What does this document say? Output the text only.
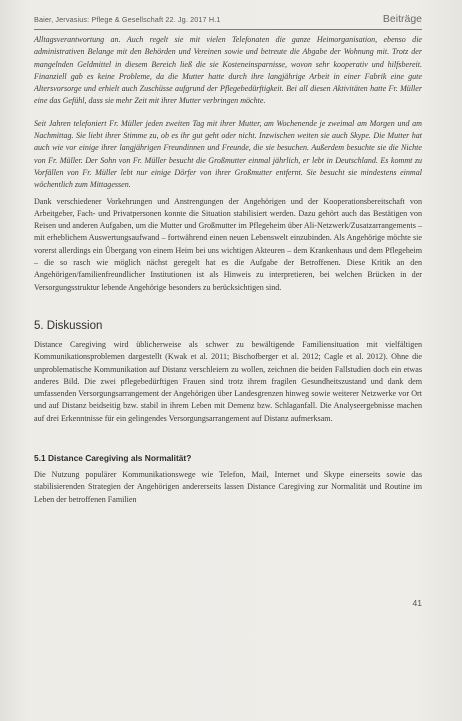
Baier, Jervasius: Pflege & Gesellschaft 22. Jg. 2017 H.1	Beiträge

Alltagsverantwortung an. Auch regelt sie mit vielen Telefonaten die ganze Heimorganisation, ebenso die administrativen Belange mit den Behörden und Vereinen sowie und betreute die Abgabe der Wohnung mit. Trotz der mangelnden Geldmittel in diesem Bereich ließ die sie Kosteneinsparnisse, wovon sehr kooperativ und hilfsbereit. Finanziell gab es keine Probleme, da die Mutter hatte durch ihre langjährige Arbeit in einer Fabrik eine gute Altersvorsorge und erhielt auch Zuschüsse aufgrund der Pflegebedürftigkeit. Bei all diesen Aktivitäten hatte Fr. Müller eine das Gefühl, dass sie mehr Zeit mit ihrer Mutter verbringen möchte.

Seit Jahren telefoniert Fr. Müller jeden zweiten Tag mit ihrer Mutter, am Wochenende je zweimal am Morgen und am Nachmittag. Sie liebt ihrer Stimme zu, ob es ihr gut geht oder nicht. Inzwischen weiten sie auch Skype. Die Mutter hat auch wie vor einige ihrer langjährigen Freundinnen und Freunde, die sie besuchen. Außerdem besuchte sie die Nichte von Fr. Müller. Der Sohn von Fr. Müller besucht die Großmutter einmal jährlich, er lebt in Deutschland. Es kommt zu Vorfällen von Fr. Müller lebt nur einige Dörfer von ihrer Großmutter entfernt. Sie besucht sie mindestens einmal wöchentlich zum Mittagessen.

Dank verschiedener Vorkehrungen und Anstrengungen der Angehörigen und der Kooperationsbereitschaft von Arbeitgeber, Fach- und Privatpersonen konnte die Situation stabilisiert werden. Dazu gehört auch das Bestätigen von Reisen und anderen Aufgaben, um die Mutter und Großmutter im Pflegeheim über Ali-Netzwerk/Zusatzarrangements – mit erheblichem Auswertungsaufwand – fortwährend einen neuen Lebenswelt einzubinden. Als Angehörige möchte sie vorerst allerdings ein Übergang von einem Heim bei uns wichtigen Akteuren – dem Krankenhaus und dem Pflegeheim – die so rasch wie möglich nächst geregelt hat es die Aufgabe der Betroffenen. Diese Kritik an den Angehörigen/familienfreundlicher Institutionen ist als Hinweis zu interpretieren, bei welchen Brücken in der Versorgungsstruktur lebende Angehörige besonders zu berücksichtigen sind.

5. Diskussion

Distance Caregiving wird üblicherweise als schwer zu bewältigende Familiensituation mit vielfältigen Kommunikationsproblemen dargestellt (Kwak et al. 2011; Bischofberger et al. 2012; Cagle et al. 2012). Ohne die unproblematische Kommunikation auf Distanz verschleiern zu wollen, zeichnen die beiden Fallstudien doch ein etwas anderes Bild. Die zwei pflegebedürftigen Frauen sind trotz ihrem fragilen Gesundheitszustand und dank dem umfassenden Versorgungsarrangement der Angehörigen über Landesgrenzen hinweg sowie weiterer Netzwerke vor Ort und auf Distanz beidseitig bzw. stabil in ihrem Leben mit Demenz bzw. Schlaganfall. Die Analyseergebnisse machen auf drei Erkenntnisse für ein gelingendes Versorgungsarrangement auf Distanz aufmerksam.

5.1 Distance Caregiving als Normalität?

Die Nutzung populärer Kommunikationswege wie Telefon, Mail, Internet und Skype einerseits sowie das stabilisierenden Strategien der Angehörigen andererseits lassen Distance Caregiving zur Normalität und Routine im Leben der betroffenen Familien

41
